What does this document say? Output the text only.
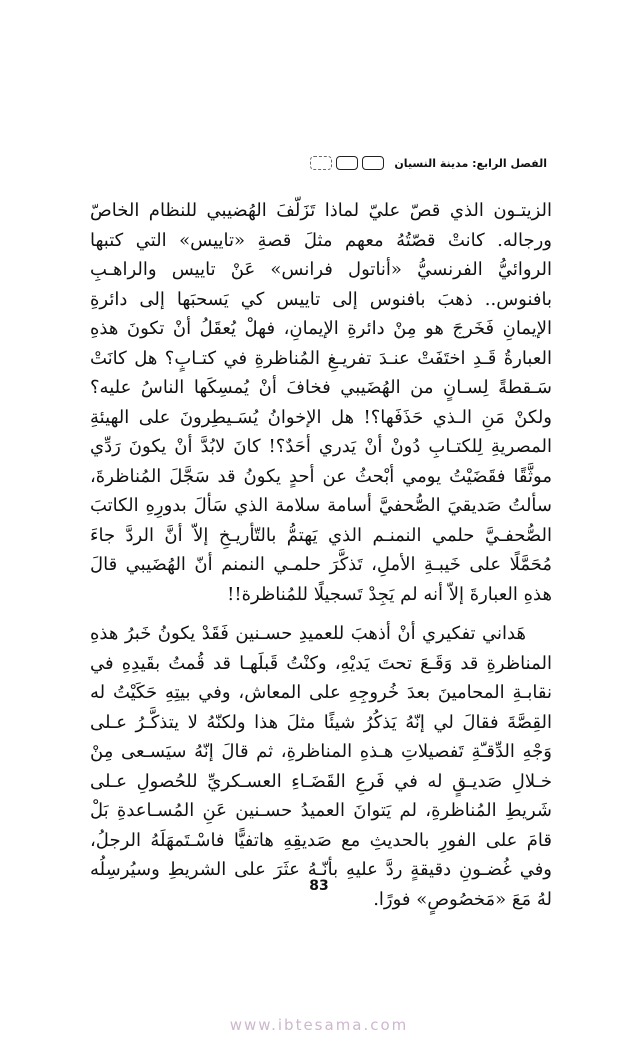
الفصل الرابع: مدينة النسيان

الزيتـون الذي قصّ عليّ لماذا تَزَلّفَ الهُضيبي للنظام الخاصّ ورجاله. كانتْ قصّتُهُ معهم مثلَ قصةِ «تاييس» التي كتبها الروائيُّ الفرنسيُّ «أناتول فرانس» عَنْ تاييس والراهـبِ بافنوس.. ذهبَ بافنوس إلى تاييس كي يَسحبَها إلى دائرةِ الإيمانِ فَخَرجَ هو مِنْ دائرةِ الإيمانِ، فهلْ يُعقَلُ أنْ تكونَ هذهِ العبارةُ قَـدِ اختَفَتْ عنـدَ تفريـغِ المُناظرةِ في كتـابٍ؟ هل كانَتْ سَـقطةً لِسـانٍ من الهُضَيبي فخافَ أنْ يُمسِكَها الناسُ عليه؟ ولكنْ مَنِ الـذي حَذَفَها؟! هل الإخوانُ يُسَـيطِرونَ على الهيئةِ المصريةِ لِلكتـابِ دُونْ أنْ يَدري أحَدٌ؟! كانَ لابُدَّ أنْ يكونَ رَدِّي موثَّقًا فقَضَيْتُ يومي أبْحثُ عن أحدٍ يكونُ قد سَجَّلَ المُناظرةَ، سألتُ صَديقيَ الصُّحفيَّ أسامة سلامة الذي سَألَ بدورِهِ الكاتبَ الصُّحفـيَّ حلمي النمنـم الذي يَهتمُّ بالتّأريـخِ إلاّ أنَّ الردَّ جاءَ مُحَمَّلًا على خَيبـةِ الأملِ، تَذكَّرَ حلمـي النمنم أنّ الهُضَيبي قالَ هذهِ العبارةَ إلاّ أنه لم يَجِدْ تَسجيلًا للمُناظرة!!

هَداني تفكيري أنْ أذهبَ للعميدِ حسـنين فَقَدْ يكونُ خَبرُ هذهِ المناظرةِ قد وَقَـعَ تحتَ يَديْهِ، وكنْتُ قَبلَهـا قد قُمتُ بقَيدِهِ في نقابـةِ المحامينَ بعدَ خُروجِهِ على المعاش، وفي بيتِهِ حَكَيْتُ له القِصَّةَ فقالَ لي إنّهُ يَذكُرُ شيئًا مثلَ هذا ولكنّهُ لا يتذكَّـرُ عـلى وَجْهِ الدِّقـّةِ تَفصيلاتِ هـذهِ المناظرةِ، ثم قالَ إنّهُ سيَسـعى مِنْ خـلالِ صَديـقٍ له في فَرعِ القَضَـاءِ العسـكريِّ للحُصولِ عـلى شَريطِ المُناظرةِ، لم يَتوانَ العميدُ حسـنين عَنِ المُسـاعدةِ بَلْ قامَ على الفورِ بالحديثِ مع صَديقِهِ هاتفيًّا فاسْـتَمهَلَهُ الرجلُ، وفي غُضـونِ دقيقةٍ ردَّ عليهِ بأنّـهُ عثَرَ على الشريطِ وسيُرسِلُه لهُ مَعَ «مَخصُوصٍ» فورًا.

83
www.ibtesama.com
